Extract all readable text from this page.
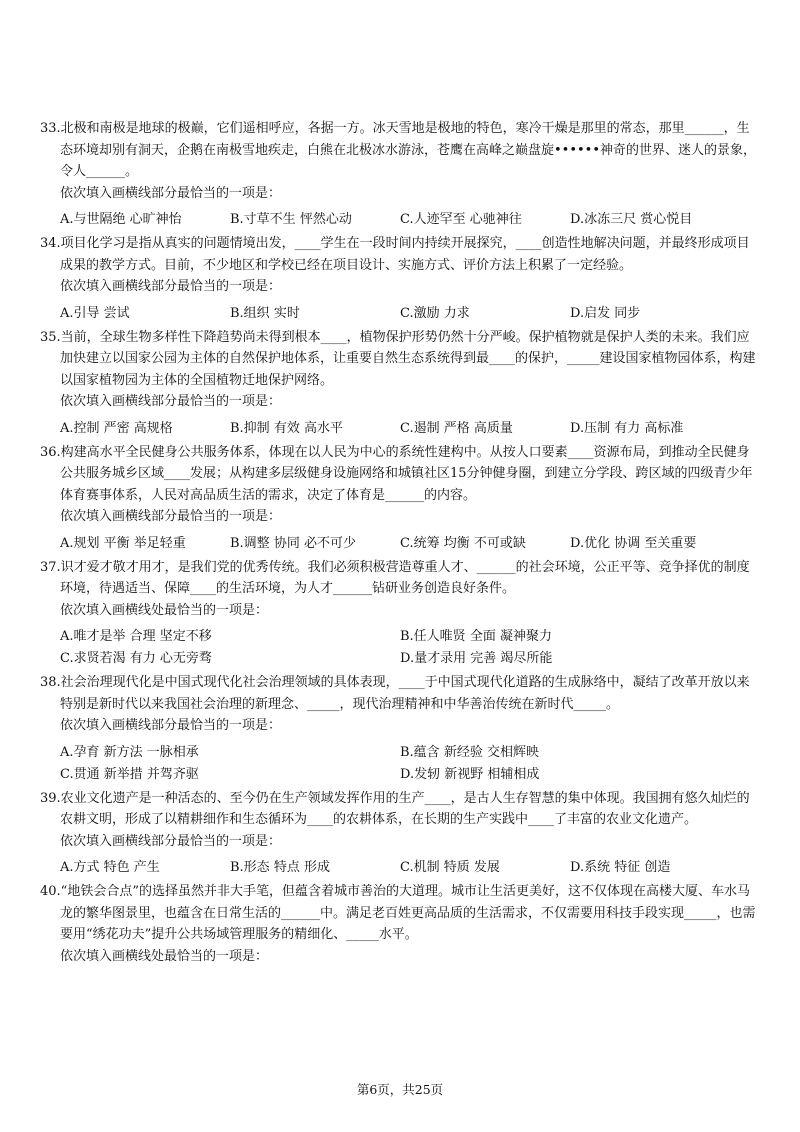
33.北极和南极是地球的极巅，它们遥相呼应，各据一方。冰天雪地是极地的特色，寒冷干燥是那里的常态，那里______，生态环境却别有洞天，企鹅在南极雪地疾走，白熊在北极冰水游泳，苍鹰在高峰之巅盘旋••••••神奇的世界、迷人的景象，令人______。
依次填入画横线部分最恰当的一项是：
A.与世隔绝 心旷神怡	B.寸草不生 怦然心动	C.人迹罕至 心驰神往	D.冰冻三尺 赏心悦目
34.项目化学习是指从真实的问题情境出发，____学生在一段时间内持续开展探究，____创造性地解决问题，并最终形成项目成果的教学方式。目前，不少地区和学校已经在项目设计、实施方式、评价方法上积累了一定经验。
依次填入画横线部分最恰当的一项是：
A.引导 尝试	B.组织 实时	C.激励 力求	D.启发 同步
35.当前，全球生物多样性下降趋势尚未得到根本____，植物保护形势仍然十分严峻。保护植物就是保护人类的未来。我们应加快建立以国家公园为主体的自然保护地体系，让重要自然生态系统得到最____的保护，_____建设国家植物园体系，构建以国家植物园为主体的全国植物迁地保护网络。
依次填入画横线部分最恰当的一项是：
A.控制 严密 高规格	B.抑制 有效 高水平	C.遏制 严格 高质量	D.压制 有力 高标准
36.构建高水平全民健身公共服务体系，体现在以人民为中心的系统性建构中。从按人口要素____资源布局，到推动全民健身公共服务城乡区域____发展；从构建多层级健身设施网络和城镇社区15分钟健身圈，到建立分学段、跨区域的四级青少年体育赛事体系，人民对高品质生活的需求，决定了体育是______的内容。
依次填入画横线部分最恰当的一项是：
A.规划 平衡 举足轻重	B.调整 协同 必不可少	C.统筹 均衡 不可或缺	D.优化 协调 至关重要
37.识才爱才敬才用才，是我们党的优秀传统。我们必须积极营造尊重人才、______的社会环境，公正平等、竞争择优的制度环境，待遇适当、保障____的生活环境，为人才______钻研业务创造良好条件。
依次填入画横线处最恰当的一项是：
A.唯才是举 合理 坚定不移	B.任人唯贤 全面 凝神聚力
C.求贤若渴 有力 心无旁骛	D.量才录用 完善 竭尽所能
38.社会治理现代化是中国式现代化社会治理领域的具体表现，____于中国式现代化道路的生成脉络中，凝结了改革开放以来特别是新时代以来我国社会治理的新理念、_____，现代治理精神和中华善治传统在新时代_____。
依次填入画横线部分最恰当的一项是：
A.孕育 新方法 一脉相承	B.蕴含 新经验 交相辉映
C.贯通 新举措 并驾齐驱	D.发轫 新视野 相辅相成
39.农业文化遗产是一种活态的、至今仍在生产领域发挥作用的生产____，是古人生存智慧的集中体现。我国拥有悠久灿烂的农耕文明，形成了以精耕细作和生态循环为____的农耕体系，在长期的生产实践中____了丰富的农业文化遗产。
依次填入画横线部分最恰当的一项是：
A.方式 特色 产生	B.形态 特点 形成	C.机制 特质 发展	D.系统 特征 创造
40.“地铁会合点”的选择虽然并非大手笔，但蕴含着城市善治的大道理。城市让生活更美好，这不仅体现在高楼大厦、车水马龙的繁华图景里，也蕴含在日常生活的______中。满足老百姓更高品质的生活需求，不仅需要用科技手段实现_____，也需要用“绣花功夫”提升公共场域管理服务的精细化、_____水平。
依次填入画横线处最恰当的一项是：
第6页，共25页
